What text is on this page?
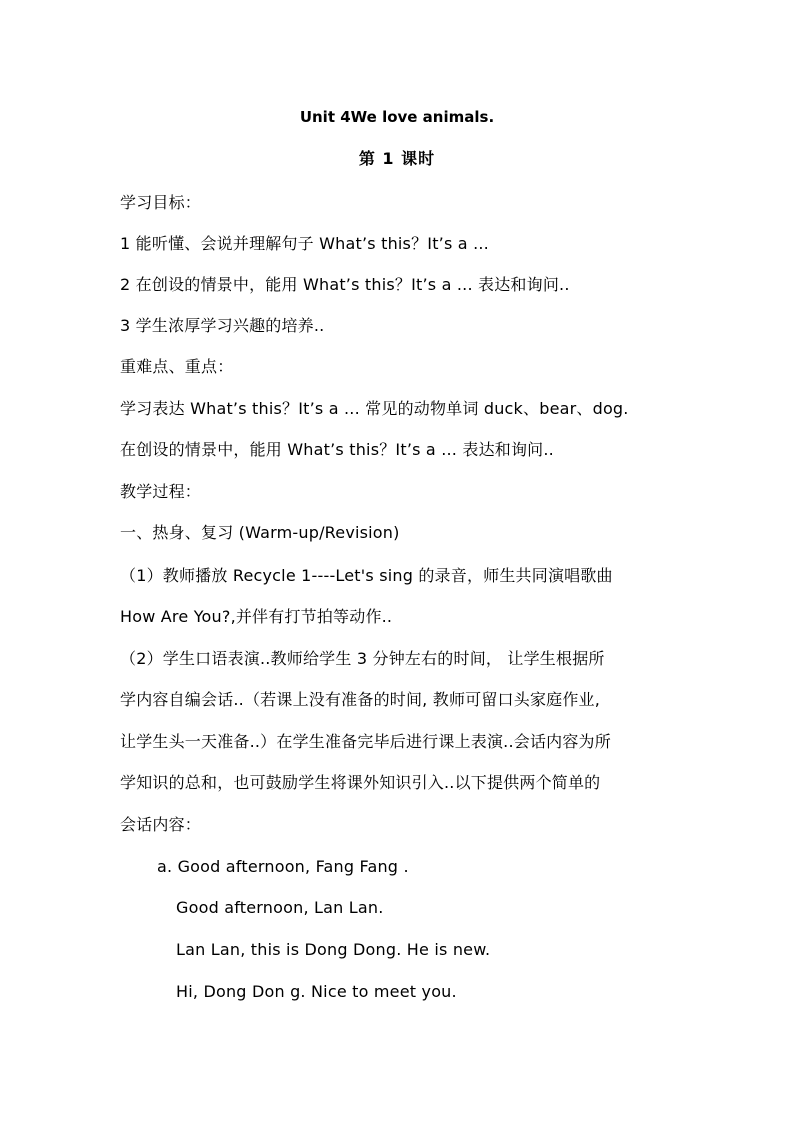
Unit 4We love animals.
第 1 课时
学习目标：
1 能听懂、会说并理解句子 What’s this？It’s a ...
2 在创设的情景中，能用 What’s this？It’s a ... 表达和询问..
3 学生浓厚学习兴趣的培养..
重难点、重点：
学习表达 What’s this？It’s a ... 常见的动物单词 duck、bear、dog.
在创设的情景中，能用 What’s this？It’s a ... 表达和询问..
教学过程：
一、热身、复习 (Warm-up/Revision)
（1）教师播放 Recycle 1----Let's sing 的录音，师生共同演唱歌曲
How Are You?,并伴有打节拍等动作..
（2）学生口语表演..教师给学生 3 分钟左右的时间， 让学生根据所
学内容自编会话..（若课上没有准备的时间, 教师可留口头家庭作业,
让学生头一天准备..）在学生准备完毕后进行课上表演..会话内容为所
学知识的总和，也可鼓励学生将课外知识引入..以下提供两个简单的
会话内容：
a. Good afternoon, Fang Fang .
Good afternoon, Lan Lan.
Lan Lan, this is Dong Dong. He is new.
Hi, Dong Don g. Nice to meet you.
